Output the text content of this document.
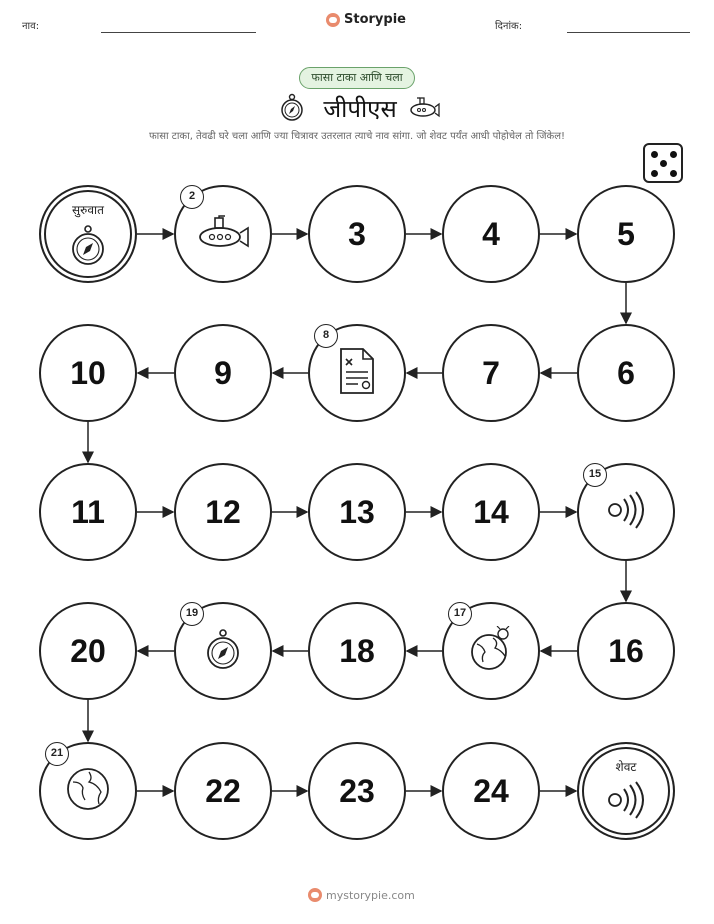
नाव:	Storypie	दिनांक:
फासा टाका आणि चला
जीपीएस
फासा टाका, तेवढी घरे चला आणि ज्या चित्रावर उतरलात त्याचे नाव सांगा. जो शेवट पर्यंत आधी पोहोचेल तो जिंकेल!
सुरुवात
2
3	4	5
6
7
8
9
10
11	12	13	14
15
16
17
18
19
20
21
22	23	24
शेवट
mystorypie.com
